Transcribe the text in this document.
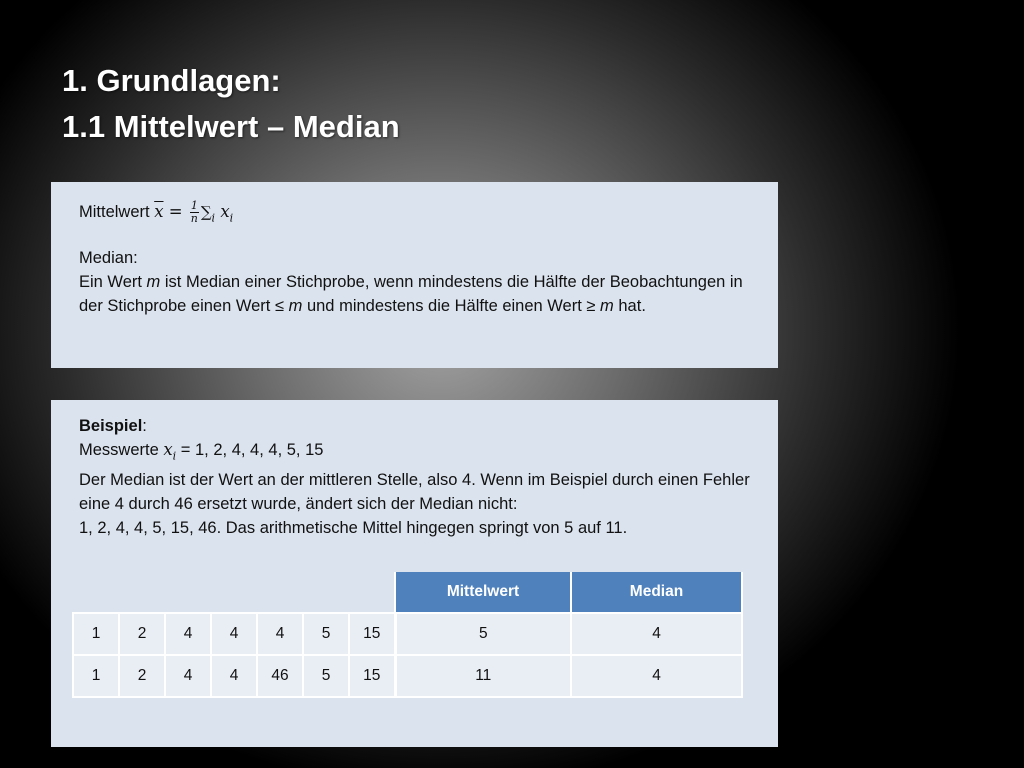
1. Grundlagen:
1.1 Mittelwert – Median
Mittelwert $\overline{x} = \frac{1}{n} \sum_i$ $x_i$
Median:
Ein Wert m ist Median einer Stichprobe, wenn mindestens die Hälfte der Beobachtungen in der Stichprobe einen Wert ≤ m und mindestens die Hälfte einen Wert ≥ m hat.
Beispiel:
Messwerte $x_i = 1$, 2, 4, 4, 4, 5, 15
Der Median ist der Wert an der mittleren Stelle, also 4. Wenn im Beispiel durch einen Fehler eine 4 durch 46 ersetzt wurde, ändert sich der Median nicht:
1, 2, 4, 4, 5, 15, 46. Das arithmetische Mittel hingegen springt von 5 auf 11.
							Mittelwert	Median
1	2	4	4	4	5	15	5	4
1	2	4	4	46	5	15	11	4
